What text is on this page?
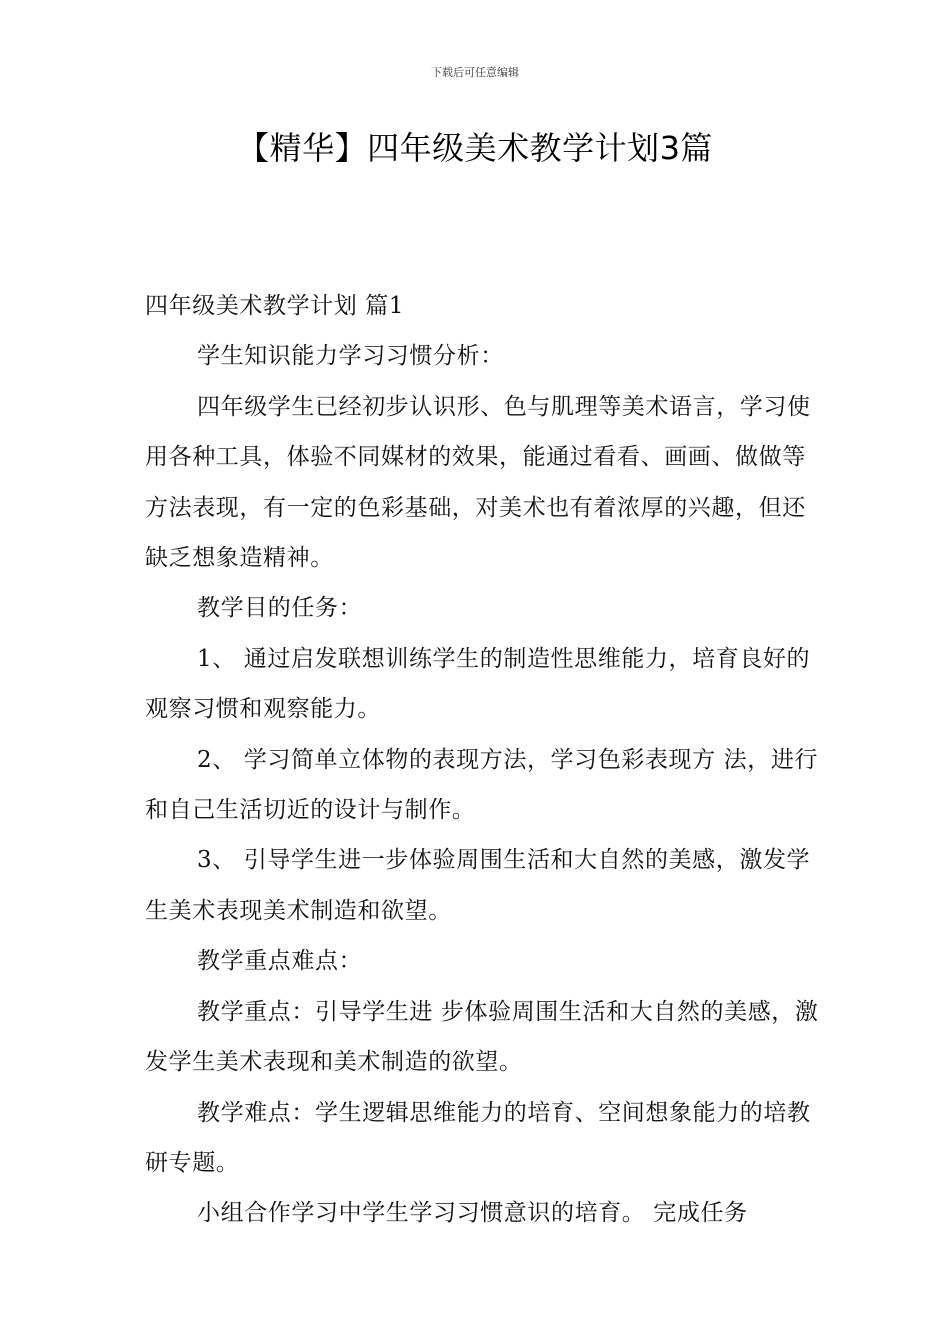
下载后可任意编辑
【精华】四年级美术教学计划3篇
四年级美术教学计划 篇1

学生知识能力学习习惯分析：

四年级学生已经初步认识形、色与肌理等美术语言，学习使用各种工具，体验不同媒材的效果，能通过看看、画画、做做等方法表现，有一定的色彩基础，对美术也有着浓厚的兴趣，但还缺乏想象造精神。

教学目的任务：

1、 通过启发联想训练学生的制造性思维能力，培育良好的观察习惯和观察能力。

2、 学习简单立体物的表现方法，学习色彩表现方 法，进行和自己生活切近的设计与制作。

3、 引导学生进一步体验周围生活和大自然的美感，激发学生美术表现美术制造和欲望。

教学重点难点：

教学重点：引导学生进 步体验周围生活和大自然的美感，激发学生美术表现和美术制造的欲望。

教学难点：学生逻辑思维能力的培育、空间想象能力的培教研专题。

小组合作学习中学生学习习惯意识的培育。 完成任务
